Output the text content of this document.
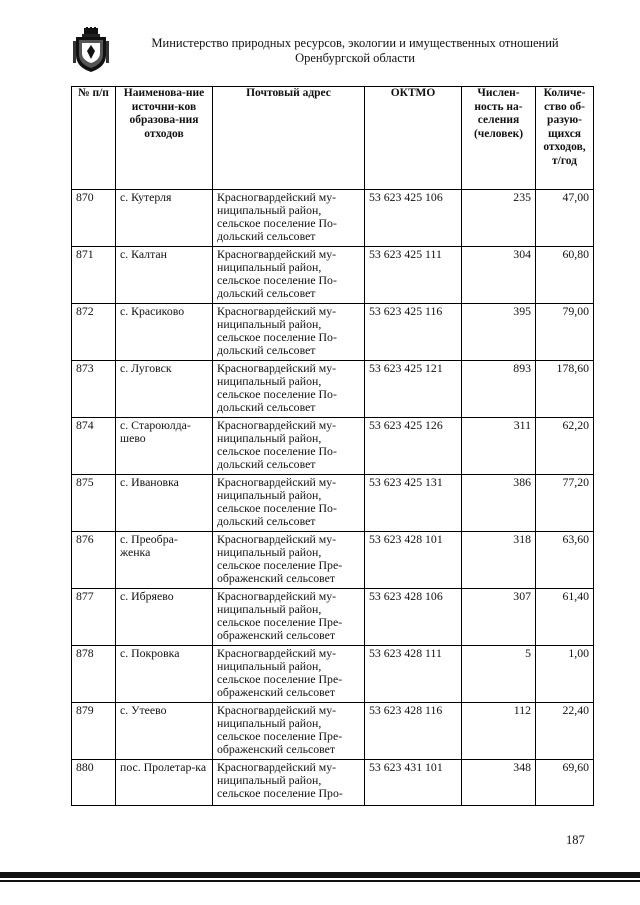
Министерство природных ресурсов, экологии и имущественных отношений
Оренбургской области
№ п/п	Наименова-ние источни-ков образова-ния отходов	Почтовый адрес	ОКТМО	Числен-ность на-селения (человек)	Количе-ство об-разую-щихся отходов, т/год
870	с. Кутерля	Красногвардейский му-ниципальный район, сельское поселение По-дольский сельсовет	53 623 425 106	235	47,00
871	с. Калтан	Красногвардейский му-ниципальный район, сельское поселение По-дольский сельсовет	53 623 425 111	304	60,80
872	с. Красиково	Красногвардейский му-ниципальный район, сельское поселение По-дольский сельсовет	53 623 425 116	395	79,00
873	с. Луговск	Красногвардейский му-ниципальный район, сельское поселение По-дольский сельсовет	53 623 425 121	893	178,60
874	с. Староюлда-шево	Красногвардейский му-ниципальный район, сельское поселение По-дольский сельсовет	53 623 425 126	311	62,20
875	с. Ивановка	Красногвардейский му-ниципальный район, сельское поселение По-дольский сельсовет	53 623 425 131	386	77,20
876	с. Преобра-женка	Красногвардейский му-ниципальный район, сельское поселение Пре-ображенский сельсовет	53 623 428 101	318	63,60
877	с. Ибряево	Красногвардейский му-ниципальный район, сельское поселение Пре-ображенский сельсовет	53 623 428 106	307	61,40
878	с. Покровка	Красногвардейский му-ниципальный район, сельское поселение Пре-ображенский сельсовет	53 623 428 111	5	1,00
879	с. Утеево	Красногвардейский му-ниципальный район, сельское поселение Пре-ображенский сельсовет	53 623 428 116	112	22,40
880	пос. Пролетар-ка	Красногвардейский му-ниципальный район, сельское поселение Про-	53 623 431 101	348	69,60
187
